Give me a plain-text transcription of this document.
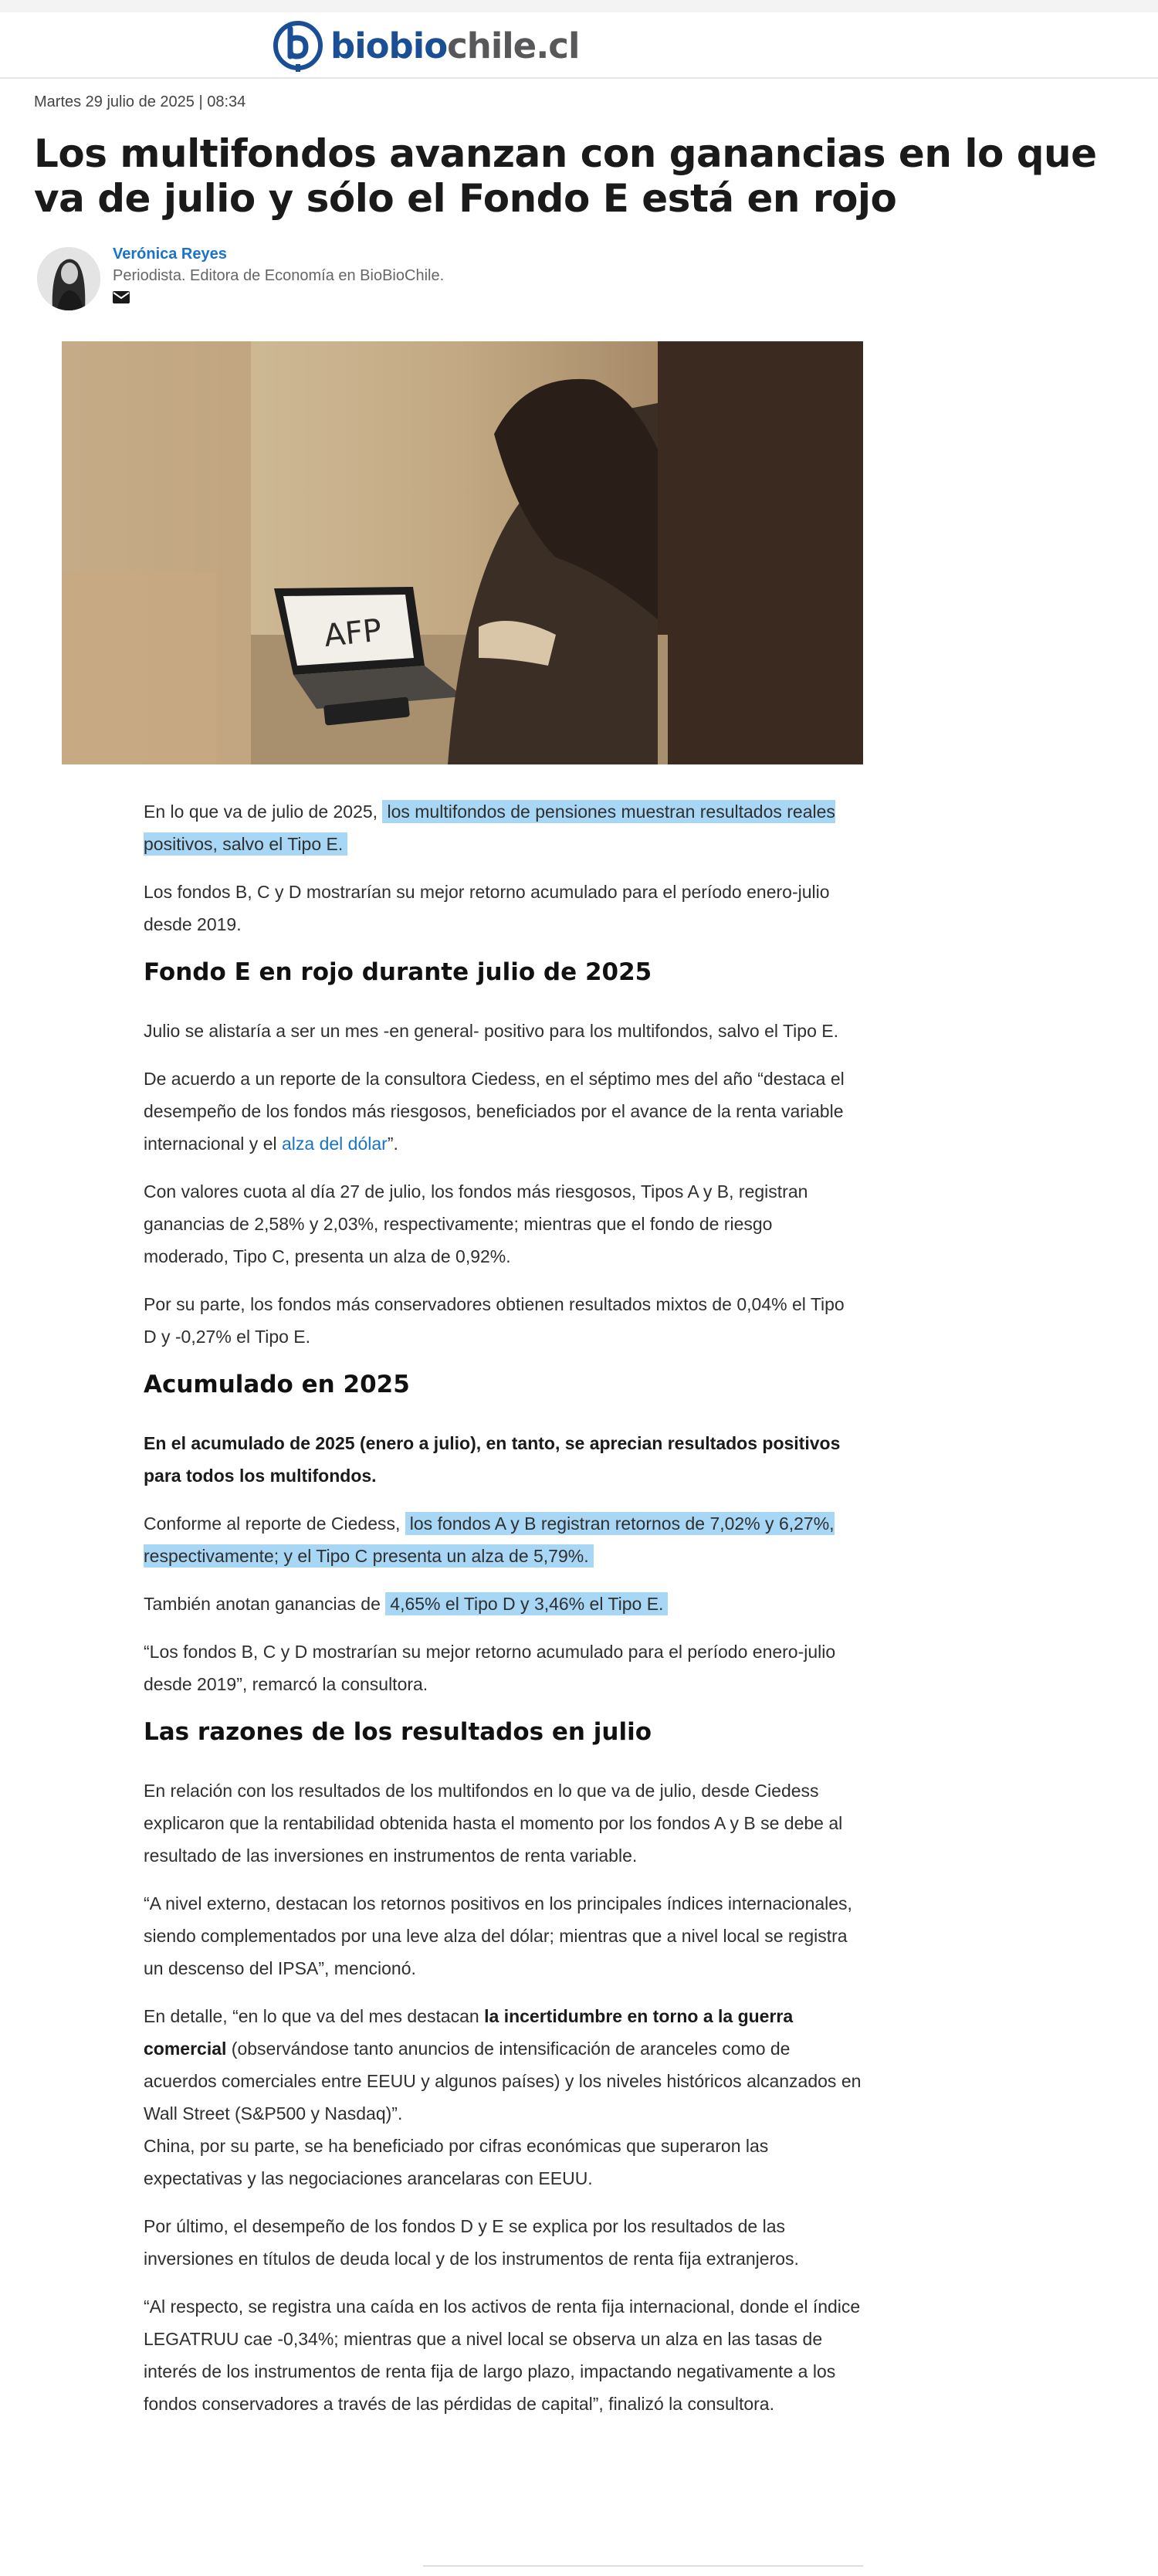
biobiochile.cl
Martes 29 julio de 2025 | 08:34
Los multifondos avanzan con ganancias en lo que va de julio y sólo el Fondo E está en rojo
Verónica Reyes
Periodista. Editora de Economía en BioBioChile.
AFP

En lo que va de julio de 2025, los multifondos de pensiones muestran resultados reales positivos, salvo el Tipo E.

Los fondos B, C y D mostrarían su mejor retorno acumulado para el período enero-julio desde 2019.

Fondo E en rojo durante julio de 2025

Julio se alistaría a ser un mes -en general- positivo para los multifondos, salvo el Tipo E.

De acuerdo a un reporte de la consultora Ciedess, en el séptimo mes del año “destaca el desempeño de los fondos más riesgosos, beneficiados por el avance de la renta variable internacional y el alza del dólar”.

Con valores cuota al día 27 de julio, los fondos más riesgosos, Tipos A y B, registran ganancias de 2,58% y 2,03%, respectivamente; mientras que el fondo de riesgo moderado, Tipo C, presenta un alza de 0,92%.

Por su parte, los fondos más conservadores obtienen resultados mixtos de 0,04% el Tipo D y -0,27% el Tipo E.

Acumulado en 2025

En el acumulado de 2025 (enero a julio), en tanto, se aprecian resultados positivos para todos los multifondos.

Conforme al reporte de Ciedess, los fondos A y B registran retornos de 7,02% y 6,27%, respectivamente; y el Tipo C presenta un alza de 5,79%.

También anotan ganancias de 4,65% el Tipo D y 3,46% el Tipo E.

“Los fondos B, C y D mostrarían su mejor retorno acumulado para el período enero-julio desde 2019”, remarcó la consultora.

Las razones de los resultados en julio

En relación con los resultados de los multifondos en lo que va de julio, desde Ciedess explicaron que la rentabilidad obtenida hasta el momento por los fondos A y B se debe al resultado de las inversiones en instrumentos de renta variable.

“A nivel externo, destacan los retornos positivos en los principales índices internacionales, siendo complementados por una leve alza del dólar; mientras que a nivel local se registra un descenso del IPSA”, mencionó.

En detalle, “en lo que va del mes destacan la incertidumbre en torno a la guerra comercial (observándose tanto anuncios de intensificación de aranceles como de acuerdos comerciales entre EEUU y algunos países) y los niveles históricos alcanzados en Wall Street (S&P500 y Nasdaq)”.

China, por su parte, se ha beneficiado por cifras económicas que superaron las expectativas y las negociaciones arancelaras con EEUU.

Por último, el desempeño de los fondos D y E se explica por los resultados de las inversiones en títulos de deuda local y de los instrumentos de renta fija extranjeros.

“Al respecto, se registra una caída en los activos de renta fija internacional, donde el índice LEGATRUU cae -0,34%; mientras que a nivel local se observa un alza en las tasas de interés de los instrumentos de renta fija de largo plazo, impactando negativamente a los fondos conservadores a través de las pérdidas de capital”, finalizó la consultora.
